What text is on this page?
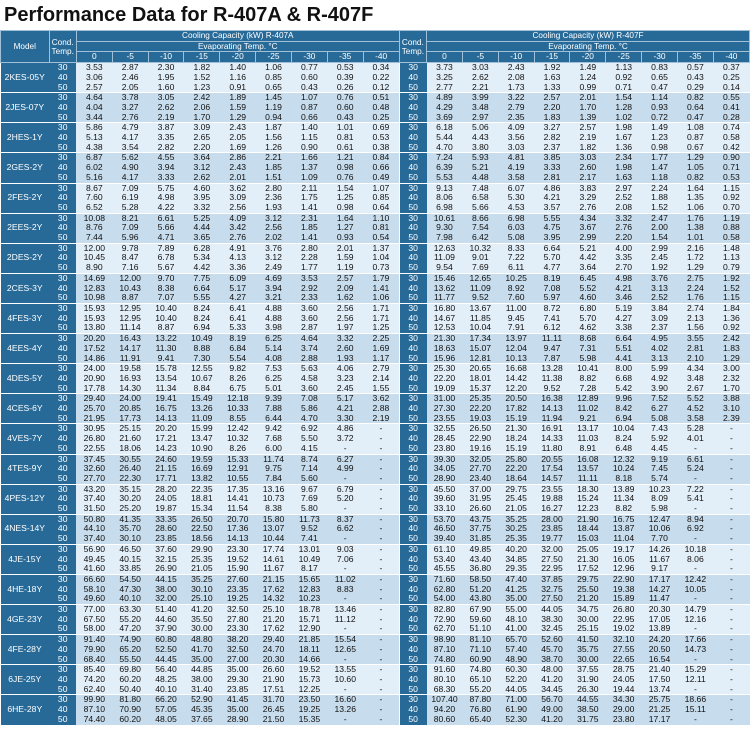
Performance Data for R-407A & R-407F
Model	Cond. Temp.	Cooling Capacity (kW) R-407A									Cond. Temp.	Cooling Capacity (kW) R-407F								
		Evaporating Temp. °C										Evaporating Temp. °C								
		0	-5	-10	-15	-20	-25	-30	-35	-40		0	-5	-10	-15	-20	-25	-30	-35	-40
2KES-05Y	30	3.53	2.87	2.30	1.82	1.40	1.06	0.77	0.53	0.34	30	3.73	3.03	2.43	1.92	1.49	1.13	0.83	0.57	0.37
	40	3.06	2.46	1.95	1.52	1.16	0.85	0.60	0.39	0.22	40	3.25	2.62	2.08	1.63	1.24	0.92	0.65	0.43	0.25
	50	2.57	2.05	1.60	1.23	0.91	0.65	0.43	0.26	0.12	50	2.77	2.21	1.73	1.33	0.99	0.71	0.47	0.29	0.14
2JES-07Y	30	4.64	3.78	3.05	2.42	1.89	1.45	1.07	0.76	0.51	30	4.89	3.99	3.22	2.57	2.01	1.54	1.14	0.82	0.55
	40	4.04	3.27	2.62	2.06	1.59	1.19	0.87	0.60	0.48	40	4.29	3.48	2.79	2.20	1.70	1.28	0.93	0.64	0.41
	50	3.44	2.76	2.19	1.70	1.29	0.94	0.66	0.43	0.25	50	3.69	2.97	2.35	1.83	1.39	1.02	0.72	0.47	0.28
2HES-1Y	30	5.86	4.79	3.87	3.09	2.43	1.87	1.40	1.01	0.69	30	6.18	5.06	4.09	3.27	2.57	1.98	1.49	1.08	0.74
	40	5.13	4.17	3.35	2.65	2.05	1.56	1.15	0.81	0.53	40	5.44	4.43	3.56	2.82	2.19	1.67	1.23	0.87	0.58
	50	4.38	3.54	2.82	2.20	1.69	1.26	0.90	0.61	0.38	50	4.70	3.80	3.03	2.37	1.82	1.36	0.98	0.67	0.42
2GES-2Y	30	6.87	5.62	4.55	3.64	2.86	2.21	1.66	1.21	0.84	30	7.24	5.93	4.81	3.85	3.03	2.34	1.77	1.29	0.90
	40	6.02	4.90	3.94	3.12	2.43	1.85	1.37	0.98	0.66	40	6.39	5.21	4.19	3.33	2.60	1.98	1.47	1.05	0.71
	50	5.16	4.17	3.33	2.62	2.01	1.51	1.09	0.76	0.49	50	5.53	4.48	3.58	2.81	2.17	1.63	1.18	0.82	0.53
2FES-2Y	30	8.67	7.09	5.75	4.60	3.62	2.80	2.11	1.54	1.07	30	9.13	7.48	6.07	4.86	3.83	2.97	2.24	1.64	1.15
	40	7.60	6.19	4.98	3.95	3.09	2.36	1.75	1.25	0.85	40	8.06	6.58	5.30	4.21	3.29	2.52	1.88	1.35	0.92
	50	6.52	5.28	4.22	3.32	2.56	1.93	1.41	0.98	0.64	50	6.98	5.66	4.53	3.57	2.76	2.08	1.52	1.06	0.70
2EES-2Y	30	10.08	8.21	6.61	5.25	4.09	3.12	2.31	1.64	1.10	30	10.61	8.66	6.98	5.55	4.34	3.32	2.47	1.76	1.19
	40	8.76	7.09	5.66	4.44	3.42	2.56	1.85	1.27	0.81	40	9.30	7.54	6.03	4.75	3.67	2.76	2.00	1.38	0.88
	50	7.44	5.96	4.71	3.65	2.76	2.02	1.41	0.93	0.54	50	7.98	6.42	5.08	3.95	2.99	2.20	1.54	1.01	0.58
2DES-2Y	30	12.00	9.78	7.89	6.28	4.91	3.76	2.80	2.01	1.37	30	12.63	10.32	8.33	6.64	5.21	4.00	2.99	2.16	1.48
	40	10.45	8.47	6.78	5.34	4.13	3.12	2.28	1.59	1.04	40	11.09	9.01	7.22	5.70	4.42	3.35	2.45	1.72	1.13
	50	8.90	7.16	5.67	4.42	3.36	2.49	1.77	1.19	0.73	50	9.54	7.69	6.11	4.77	3.64	2.70	1.92	1.29	0.79
2CES-3Y	30	14.69	12.00	9.70	7.75	6.09	4.69	3.53	2.57	1.79	30	15.46	12.65	10.25	8.19	6.45	4.98	3.76	2.75	1.92
	40	12.83	10.43	8.38	6.64	5.17	3.94	2.92	2.09	1.41	40	13.62	11.09	8.92	7.08	5.52	4.21	3.13	2.24	1.52
	50	10.98	8.87	7.07	5.55	4.27	3.21	2.33	1.62	1.06	50	11.77	9.52	7.60	5.97	4.60	3.46	2.52	1.76	1.15
4FES-3Y	30	15.93	12.95	10.40	8.24	6.41	4.88	3.60	2.56	1.71	30	16.80	13.67	11.00	8.72	6.80	5.19	3.84	2.74	1.84
	40	15.93	12.95	10.40	8.24	6.41	4.88	3.60	2.56	1.71	40	14.67	11.85	9.45	7.41	5.70	4.27	3.09	2.13	1.36
	50	13.80	11.14	8.87	6.94	5.33	3.98	2.87	1.97	1.25	50	12.53	10.04	7.91	6.12	4.62	3.38	2.37	1.56	0.92
4EES-4Y	30	20.20	16.43	13.22	10.49	8.19	6.25	4.64	3.32	2.25	30	21.30	17.34	13.97	11.11	8.68	6.64	4.95	3.55	2.42
	40	17.52	14.17	11.30	8.88	6.84	5.14	3.74	2.60	1.69	40	18.63	15.07	12.04	9.47	7.31	5.51	4.02	2.81	1.83
	50	14.86	11.91	9.41	7.30	5.54	4.08	2.88	1.93	1.17	50	15.96	12.81	10.13	7.87	5.98	4.41	3.13	2.10	1.29
4DES-5Y	30	24.00	19.58	15.78	12.55	9.82	7.53	5.63	4.06	2.79	30	25.30	20.65	16.68	13.28	10.41	8.00	5.99	4.34	3.00
	40	20.90	16.93	13.54	10.67	8.26	6.25	4.58	3.23	2.14	40	22.20	18.01	14.42	11.38	8.82	6.68	4.92	3.48	2.32
	50	17.78	14.30	11.34	8.84	6.75	5.01	3.60	2.45	1.55	50	19.09	15.37	12.20	9.52	7.28	5.42	3.90	2.67	1.70
4CES-6Y	30	29.40	24.00	19.41	15.49	12.18	9.39	7.08	5.17	3.62	30	31.00	25.35	20.50	16.38	12.89	9.96	7.52	5.52	3.88
	40	25.70	20.85	16.75	13.26	10.33	7.88	5.86	4.21	2.88	40	27.30	22.20	17.82	14.13	11.02	8.42	6.27	4.52	3.10
	50	21.95	17.73	14.13	11.09	8.55	6.44	4.70	3.30	2.19	50	23.55	19.03	15.19	11.94	9.21	6.94	5.08	3.58	2.39
4VES-7Y	30	30.95	25.15	20.20	15.99	12.42	9.42	6.92	4.86	-	30	32.55	26.50	21.30	16.91	13.17	10.04	7.43	5.28	-
	40	26.80	21.60	17.21	13.47	10.32	7.68	5.50	3.72	-	40	28.45	22.90	18.24	14.33	11.03	8.24	5.92	4.01	-
	50	22.55	18.06	14.23	10.90	8.26	6.00	4.15	-	-	50	23.80	19.16	15.19	11.80	8.91	6.48	4.45	-	-
4TES-9Y	30	37.45	30.55	24.60	19.59	15.33	11.74	8.74	6.27	-	30	39.30	32.05	25.80	20.55	16.08	12.32	9.19	6.61	-
	40	32.60	26.40	21.15	16.69	12.91	9.75	7.14	4.99	-	40	34.05	27.70	22.20	17.54	13.57	10.24	7.45	5.24	-
	50	27.70	22.30	17.71	13.82	10.55	7.84	5.60	-	-	50	28.90	23.40	18.64	14.57	11.11	8.18	5.74	-	-
4PES-12Y	30	43.20	35.15	28.20	22.35	17.35	13.16	9.67	6.79	-	30	45.50	37.00	29.75	23.55	18.30	13.89	10.23	7.22	-
	40	37.40	30.20	24.05	18.81	14.41	10.73	7.69	5.20	-	40	39.60	31.95	25.45	19.88	15.24	11.34	8.09	5.41	-
	50	31.50	25.20	19.87	15.34	11.54	8.38	5.80	-	-	50	33.10	26.60	21.05	16.27	12.23	8.82	5.98	-	-
4NES-14Y	30	50.80	41.35	33.35	26.50	20.70	15.80	11.73	8.37	-	30	53.70	43.75	35.25	28.00	21.90	16.75	12.47	8.94	-
	40	44.10	35.70	28.60	22.50	17.36	13.07	9.52	6.62	-	40	46.50	37.75	30.25	23.85	18.44	13.87	10.06	6.92	-
	50	37.40	30.10	23.85	18.56	14.13	10.44	7.41	-	-	50	39.40	31.85	25.35	19.77	15.03	11.04	7.70	-	-
4JE-15Y	30	56.90	46.50	37.60	29.90	23.30	17.74	13.01	9.03	-	30	61.10	49.85	40.20	32.00	25.05	19.17	14.26	10.18	-
	40	49.45	40.15	32.15	25.35	19.52	14.61	10.49	7.06	-	40	53.40	43.40	34.85	27.50	21.30	16.05	11.67	8.06	-
	50	41.60	33.85	26.90	21.05	15.90	11.67	8.17	-	-	50	45.55	36.80	29.35	22.95	17.52	12.96	9.17	-	-
4HE-18Y	30	66.60	54.50	44.15	35.25	27.60	21.15	15.65	11.02	-	30	71.60	58.50	47.40	37.85	29.75	22.90	17.17	12.42	-
	40	58.10	47.30	38.00	30.10	23.35	17.62	12.83	8.83	-	40	62.80	51.20	41.25	32.75	25.50	19.38	14.27	10.05	-
	50	49.60	40.10	32.00	25.10	19.25	14.32	10.23	-	-	50	54.00	43.80	35.00	27.50	21.20	15.89	11.47	-	-
4GE-23Y	30	77.00	63.30	51.40	41.20	32.50	25.10	18.78	13.46	-	30	82.80	67.90	55.00	44.05	34.75	26.80	20.30	14.79	-
	40	67.50	55.20	44.60	35.50	27.80	21.20	15.71	11.12	-	40	72.90	59.60	48.10	38.30	30.00	22.95	17.05	12.16	-
	50	58.00	47.20	37.90	30.00	23.30	17.62	12.90	-	-	50	62.70	51.10	41.00	32.45	25.15	19.02	13.89	-	-
4FE-28Y	30	91.40	74.90	60.80	48.80	38.20	29.40	21.85	15.54	-	30	98.90	81.10	65.70	52.60	41.50	32.10	24.20	17.66	-
	40	79.90	65.20	52.50	41.70	32.50	24.70	18.11	12.65	-	40	87.10	71.10	57.40	45.70	35.75	27.55	20.50	14.73	-
	50	68.40	55.50	44.45	35.00	27.00	20.30	14.66	-	-	50	74.80	60.90	48.90	38.70	30.00	22.65	16.54	-	-
6JE-25Y	30	85.40	69.80	56.40	44.85	35.00	26.60	19.52	13.55	-	30	91.60	74.80	60.30	48.00	37.55	28.75	21.40	15.29	-
	40	74.20	60.20	48.25	38.00	29.30	21.90	15.73	10.60	-	40	80.10	65.10	52.20	41.20	31.90	24.05	17.50	12.11	-
	50	62.40	50.40	40.10	31.40	23.85	17.51	12.25	-	-	50	68.30	55.20	44.05	34.45	26.30	19.44	13.74	-	-
6HE-28Y	30	99.90	81.80	66.20	52.90	41.45	31.70	23.50	16.60	-	30	107.40	87.80	71.00	56.70	44.55	34.30	25.75	18.66	-
	40	87.10	70.90	57.05	45.35	35.00	26.45	19.25	13.26	-	40	94.20	76.80	61.90	49.00	38.50	29.00	21.25	15.11	-
	50	74.40	60.20	48.05	37.65	28.90	21.50	15.35	-	-	50	80.60	65.40	52.30	41.20	31.75	23.80	17.17	-	-
